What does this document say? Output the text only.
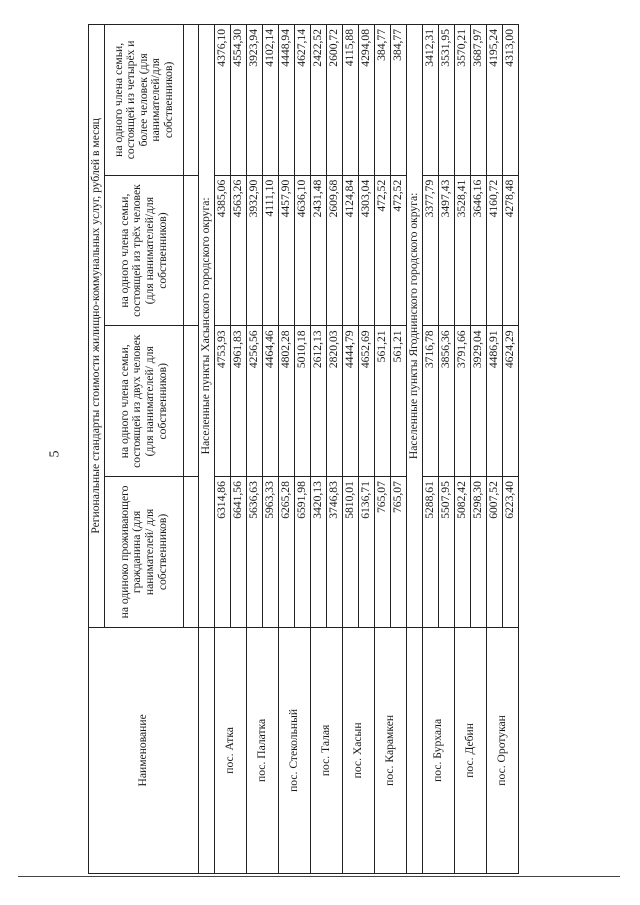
5
Наименование	Региональные стандарты стоимости жилищно-коммунальных услуг, рублей в месяц			
	на одиноко проживающего гражданина (для нанимателей/ для собственников)	на одного члена семьи, состоящей из двух человек (для нанимателей/ для собственников)	на одного члена семьи, состоящей из трёх человек (для нанимателей/для собственников)	на одного члена семьи, состоящей из четырёх и более человек (для нанимателей/для собственников)

	Населенные пункты Хасынского городского округа:			
пос. Атка	6314,86	4753,93	4385,06	4376,10
	6641,56	4961,83	4563,26	4554,30
пос. Палатка	5636,63	4256,56	3932,90	3923,94
	5963,33	4464,46	4111,10	4102,14
пос. Стекольный	6265,28	4802,28	4457,90	4448,94
	6591,98	5010,18	4636,10	4627,14
пос. Талая	3420,13	2612,13	2431,48	2422,52
	3746,83	2820,03	2609,68	2600,72
пос. Хасын	5810,01	4444,79	4124,84	4115,88
	6136,71	4652,69	4303,04	4294,08
пос. Карамкен	765,07	561,21	472,52	384,77
	765,07	561,21	472,52	384,77
	Населенные пункты Ягоднинского городского округа:			
пос. Бурхала	5288,61	3716,78	3377,79	3412,31
	5507,95	3856,36	3497,43	3531,95
пос. Дебин	5082,42	3791,66	3528,41	3570,21
	5298,30	3929,04	3646,16	3687,97
пос. Оротукан	6007,52	4486,91	4160,72	4195,24
	6223,40	4624,29	4278,48	4313,00
